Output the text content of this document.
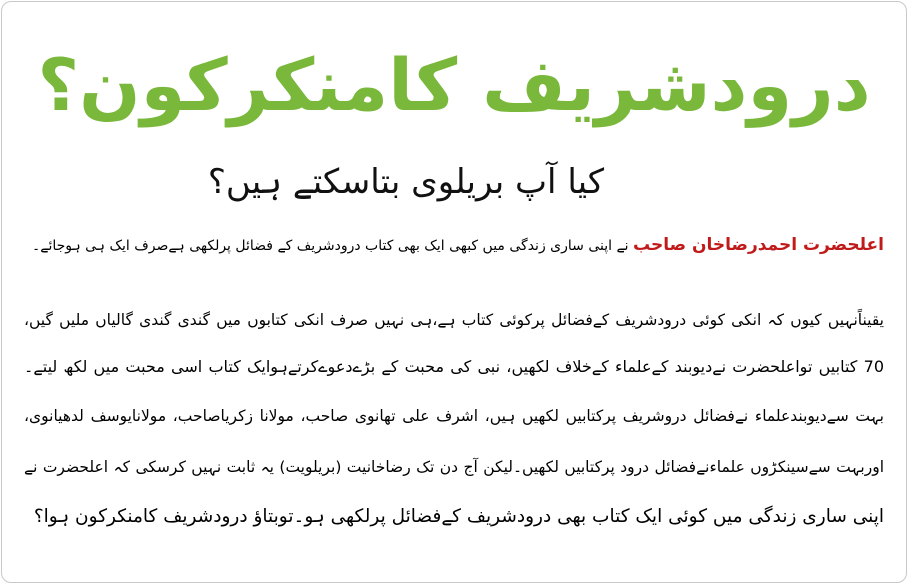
درودشریف کامنکرکون؟
کیا آپ بریلوی بتاسکتے ہیں؟
اعلحضرت احمدرضاخان صاحب نے اپنی ساری زندگی میں کبھی ایک بھی کتاب درودشریف کے فضائل پرلکھی ہےصرف ایک ہی ہوجائے۔
یقیناًنہیں کیوں کہ انکی کوئی درودشریف کےفضائل پرکوئی کتاب ہے،ہی نہیں صرف انکی کتابوں میں گندی گندی گالیاں ملیں گیں،
70 کتابیں تواعلحضرت نےدیوبند کےعلماء کےخلاف لکھیں، نبی کی محبت کے بڑےدعوےکرتےہوایک کتاب اسی محبت میں لکھ لیتے۔
بہت سےدیوبندعلماء نےفضائل دروشریف پرکتابیں لکھیں ہیں، اشرف علی تھانوی صاحب، مولانا زکریاصاحب، مولانایوسف لدھیانوی،
اوربہت سےسینکڑوں علماءنےفضائل درود پرکتابیں لکھیں۔لیکن آج دن تک رضاخانیت (بریلویت) یہ ثابت نہیں کرسکی کہ اعلحضرت نے
اپنی ساری زندگی میں کوئی ایک کتاب بھی درودشریف کےفضائل پرلکھی ہو۔توبتاؤ درودشریف کامنکرکون ہوا؟
